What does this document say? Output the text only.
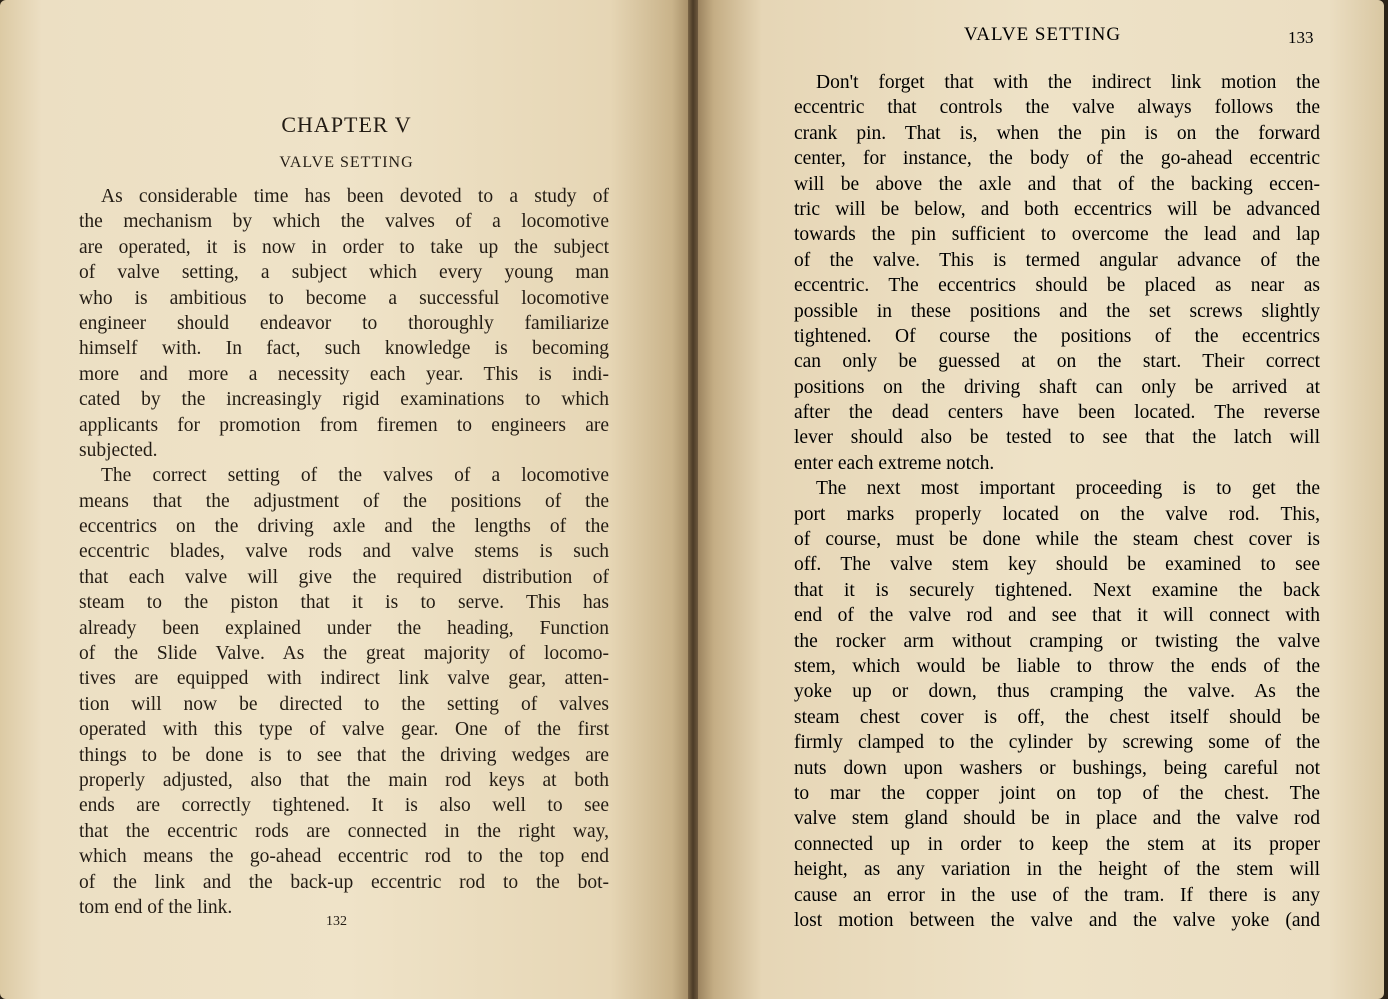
CHAPTER V
VALVE SETTING
As considerable time has been devoted to a study of
the mechanism by which the valves of a locomotive
are operated, it is now in order to take up the subject
of valve setting, a subject which every young man
who is ambitious to become a successful locomotive
engineer should endeavor to thoroughly familiarize
himself with. In fact, such knowledge is becoming
more and more a necessity each year. This is indi-
cated by the increasingly rigid examinations to which
applicants for promotion from firemen to engineers are
subjected.
The correct setting of the valves of a locomotive
means that the adjustment of the positions of the
eccentrics on the driving axle and the lengths of the
eccentric blades, valve rods and valve stems is such
that each valve will give the required distribution of
steam to the piston that it is to serve. This has
already been explained under the heading, Function
of the Slide Valve. As the great majority of locomo-
tives are equipped with indirect link valve gear, atten-
tion will now be directed to the setting of valves
operated with this type of valve gear. One of the first
things to be done is to see that the driving wedges are
properly adjusted, also that the main rod keys at both
ends are correctly tightened. It is also well to see
that the eccentric rods are connected in the right way,
which means the go-ahead eccentric rod to the top end
of the link and the back-up eccentric rod to the bot-
tom end of the link.
132
VALVE SETTING	133
Don't forget that with the indirect link motion the
eccentric that controls the valve always follows the
crank pin. That is, when the pin is on the forward
center, for instance, the body of the go-ahead eccentric
will be above the axle and that of the backing eccen-
tric will be below, and both eccentrics will be advanced
towards the pin sufficient to overcome the lead and lap
of the valve. This is termed angular advance of the
eccentric. The eccentrics should be placed as near as
possible in these positions and the set screws slightly
tightened. Of course the positions of the eccentrics
can only be guessed at on the start. Their correct
positions on the driving shaft can only be arrived at
after the dead centers have been located. The reverse
lever should also be tested to see that the latch will
enter each extreme notch.
The next most important proceeding is to get the
port marks properly located on the valve rod. This,
of course, must be done while the steam chest cover is
off. The valve stem key should be examined to see
that it is securely tightened. Next examine the back
end of the valve rod and see that it will connect with
the rocker arm without cramping or twisting the valve
stem, which would be liable to throw the ends of the
yoke up or down, thus cramping the valve. As the
steam chest cover is off, the chest itself should be
firmly clamped to the cylinder by screwing some of the
nuts down upon washers or bushings, being careful not
to mar the copper joint on top of the chest. The
valve stem gland should be in place and the valve rod
connected up in order to keep the stem at its proper
height, as any variation in the height of the stem will
cause an error in the use of the tram. If there is any
lost motion between the valve and the valve yoke (and
